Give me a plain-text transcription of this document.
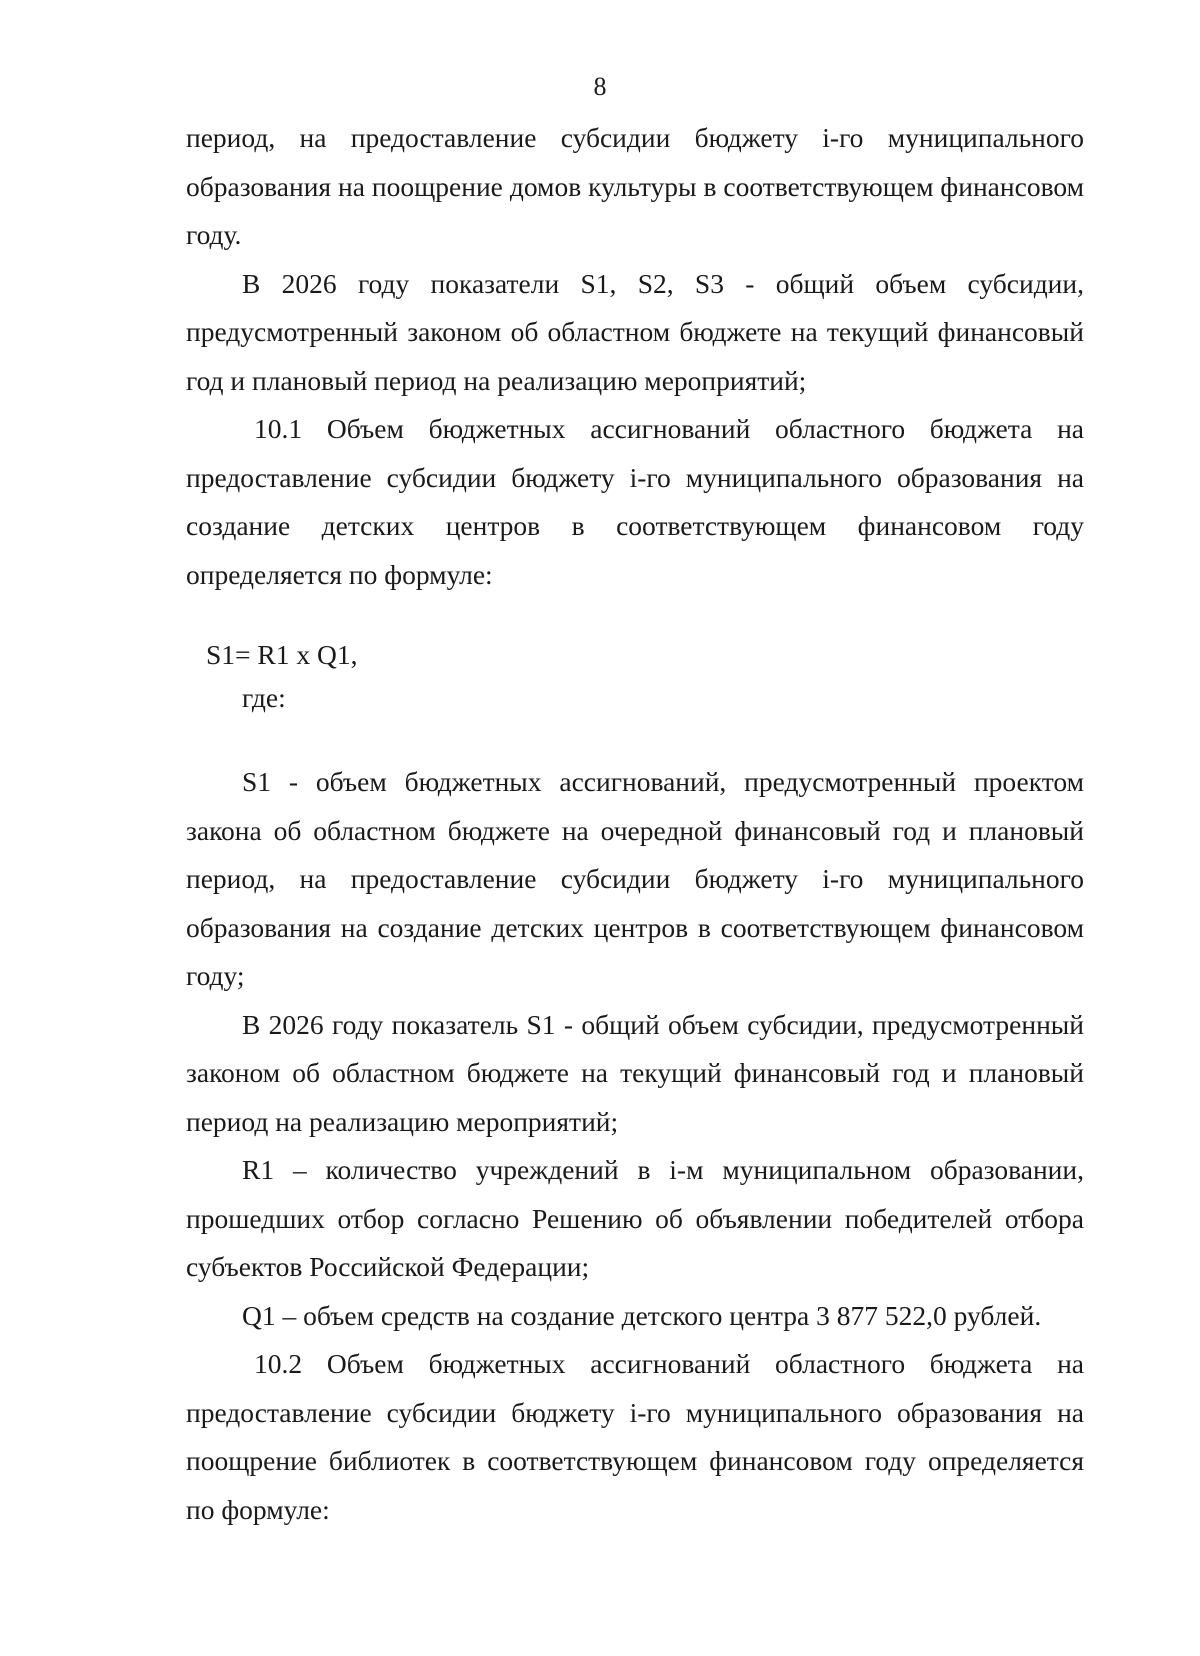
8

период, на предоставление субсидии бюджету i-го муниципального образования на поощрение домов культуры в соответствующем финансовом году.

В 2026 году показатели S1, S2, S3 - общий объем субсидии, предусмотренный законом об областном бюджете на текущий финансовый год и плановый период на реализацию мероприятий;

10.1 Объем бюджетных ассигнований областного бюджета на предоставление субсидии бюджету i-го муниципального образования на создание детских центров в соответствующем финансовом году определяется по формуле:

S1= R1 x Q1,

где:

S1 - объем бюджетных ассигнований, предусмотренный проектом закона об областном бюджете на очередной финансовый год и плановый период, на предоставление субсидии бюджету i-го муниципального образования на создание детских центров в соответствующем финансовом году;

В 2026 году показатель S1 - общий объем субсидии, предусмотренный законом об областном бюджете на текущий финансовый год и плановый период на реализацию мероприятий;

R1 – количество учреждений в i-м муниципальном образовании, прошедших отбор согласно Решению об объявлении победителей отбора субъектов Российской Федерации;

Q1 – объем средств на создание детского центра 3 877 522,0 рублей.

10.2 Объем бюджетных ассигнований областного бюджета на предоставление субсидии бюджету i-го муниципального образования на поощрение библиотек в соответствующем финансовом году определяется по формуле:
